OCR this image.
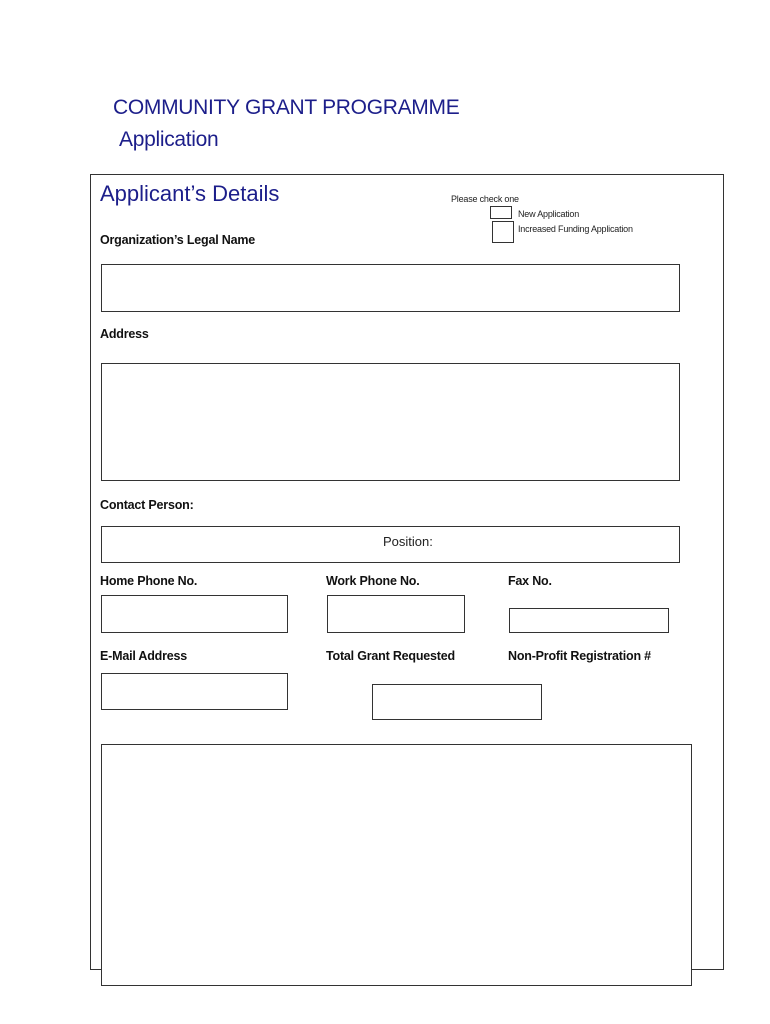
COMMUNITY GRANT PROGRAMME
Application
Applicant’s Details	Please check one
New Application
Increased Funding Application
Organization’s Legal Name
Address
Contact Person:
Position:
Home Phone No.	Work Phone No.	Fax No.
E-Mail Address	Total Grant Requested	Non-Profit Registration #
